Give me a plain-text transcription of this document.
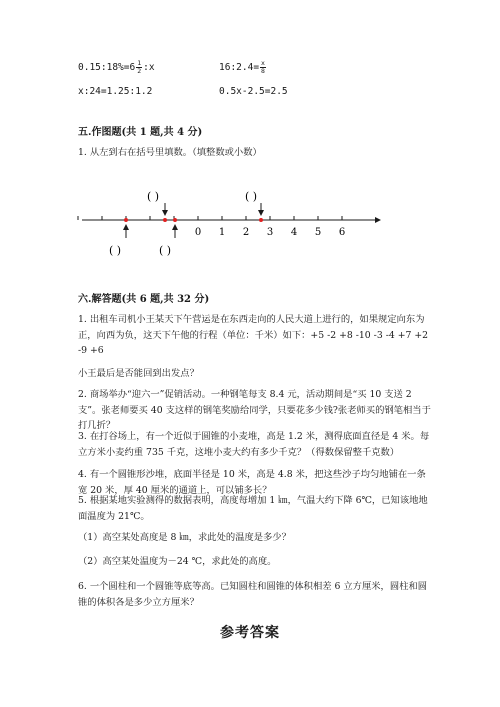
0.15:18%=6 $\frac{1}{2}$ :x	16:2.4= $\frac{x}{8}$
x:24=1.25:1.2	0.5x-2.5=2.5
五.作图题(共 1 题,共 4 分)
1. 从左到右在括号里填数。（填整数或小数）
( )	( )
( )	( )
0 1 2 3 4 5 6
六.解答题(共 6 题,共 32 分)
1. 出租车司机小王某天下午营运是在东西走向的人民大道上进行的，如果规定向东为正，向西为负，这天下午他的行程（单位：千米）如下：+5 -2 +8 -10 -3 -4 +7 +2 -9 +6
小王最后是否能回到出发点？
2. 商场举办“迎六一”促销活动。一种钢笔每支 8.4 元，活动期间是“买 10 支送 2 支”。张老师要买 40 支这样的钢笔奖励给同学，只要花多少钱?张老师买的钢笔相当于打几折？
3. 在打谷场上，有一个近似于圆锥的小麦堆，高是 1.2 米，测得底面直径是 4 米。每立方米小麦约重 735 千克，这堆小麦大约有多少千克？（得数保留整千克数）
4. 有一个圆锥形沙堆，底面半径是 10 米，高是 4.8 米，把这些沙子均匀地铺在一条宽 20 米，厚 40 厘米的通道上，可以铺多长？
5. 根据某地实验测得的数据表明，高度每增加 1 ㎞，气温大约下降 6℃，已知该地地面温度为 21℃。
（1）高空某处高度是 8 ㎞，求此处的温度是多少？
（2）高空某处温度为－24 ℃，求此处的高度。
6. 一个圆柱和一个圆锥等底等高。已知圆柱和圆锥的体积相差 6 立方厘米，圆柱和圆锥的体积各是多少立方厘米？
参考答案
